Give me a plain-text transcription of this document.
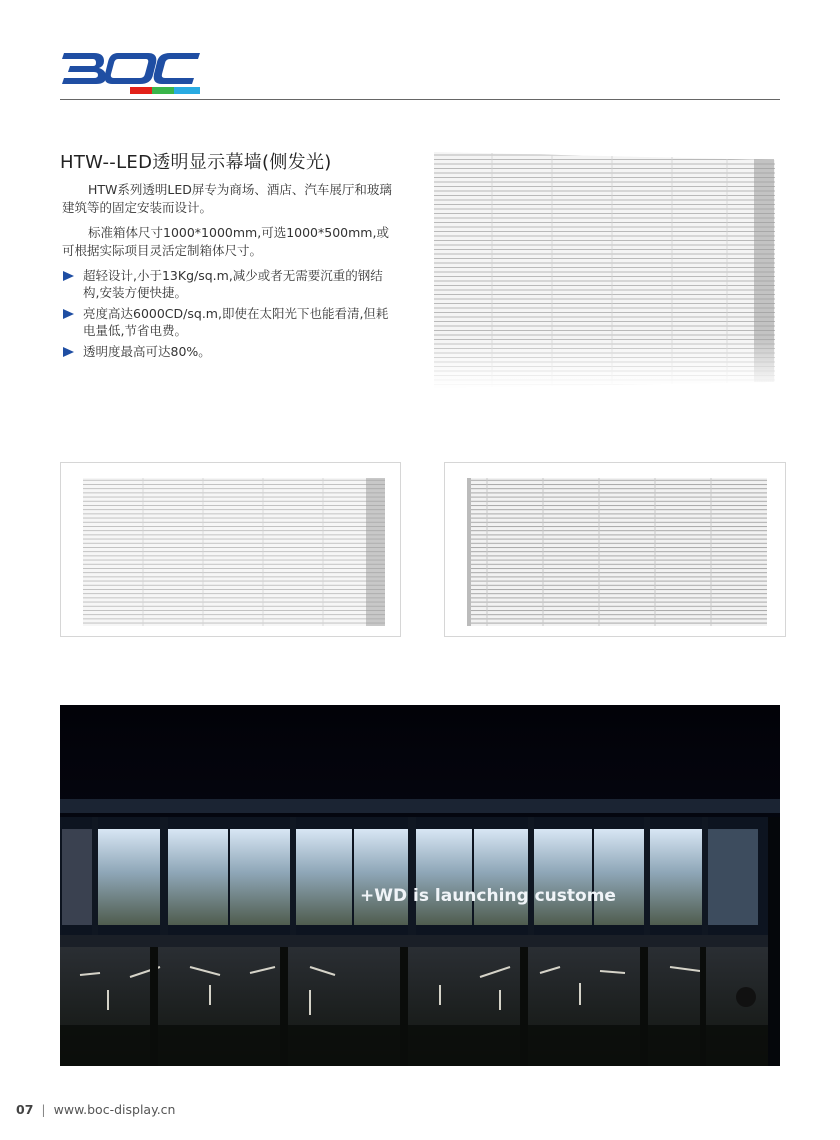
HTW--LED透明显示幕墙(侧发光)

HTW系列透明LED屏专为商场、酒店、汽车展厅和玻璃建筑等的固定安装而设计。

标准箱体尺寸1000*1000mm,可选1000*500mm,或可根据实际项目灵活定制箱体尺寸。

超轻设计,小于13Kg/sq.m,减少或者无需要沉重的钢结构,安装方便快捷。
亮度高达6000CD/sq.m,即使在太阳光下也能看清,但耗电量低,节省电费。
透明度最高可达80%。
+WD is launching custome
07 | www.boc-display.cn
